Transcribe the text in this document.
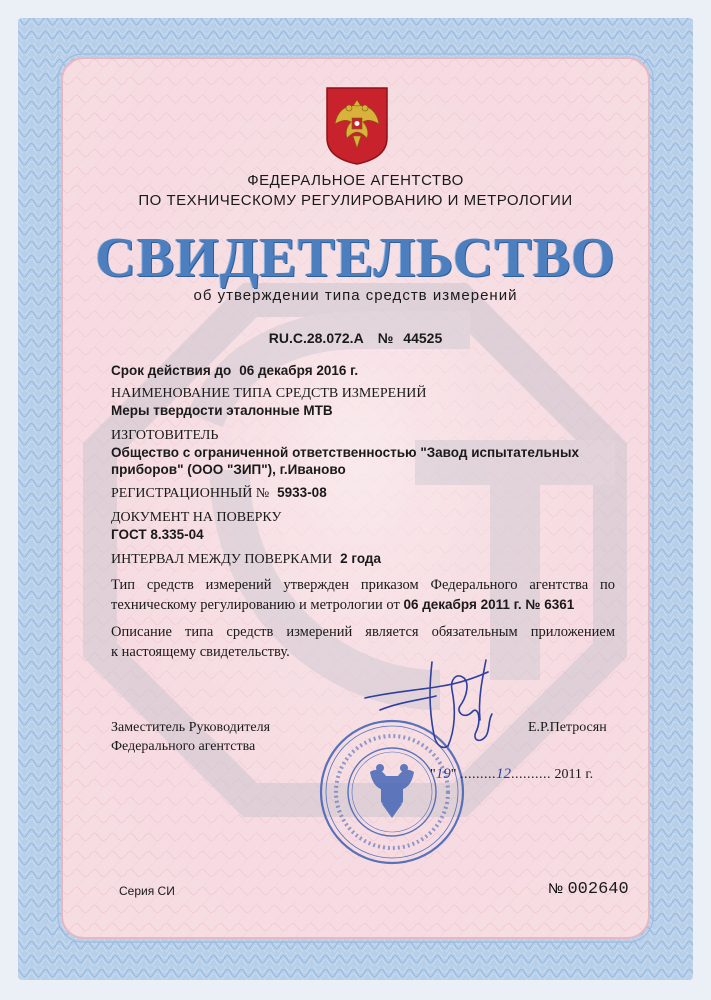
ФЕДЕРАЛЬНОЕ АГЕНТСТВО
ПО ТЕХНИЧЕСКОМУ РЕГУЛИРОВАНИЮ И МЕТРОЛОГИИ
СВИДЕТЕЛЬСТВО
об утверждении типа средств измерений
RU.C.28.072.A № 44525
Срок действия до 06 декабря 2016 г.
НАИМЕНОВАНИЕ ТИПА СРЕДСТВ ИЗМЕРЕНИЙ
Меры твердости эталонные МТВ
ИЗГОТОВИТЕЛЬ
Общество с ограниченной ответственностью "Завод испытательных
приборов" (ООО "ЗИП"), г.Иваново
РЕГИСТРАЦИОННЫЙ № 5933-08
ДОКУМЕНТ НА ПОВЕРКУ
ГОСТ 8.335-04
ИНТЕРВАЛ МЕЖДУ ПОВЕРКАМИ 2 года
Тип средств измерений утвержден приказом Федерального агентства по
техническому регулированию и метрологии от 06 декабря 2011 г. № 6361
Описание типа средств измерений является обязательным приложением
к настоящему свидетельству.
Заместитель Руководителя
Федерального агентства
Е.Р.Петросян
"19" .........12.......... 2011 г.
Серия СИ	№ 002640
